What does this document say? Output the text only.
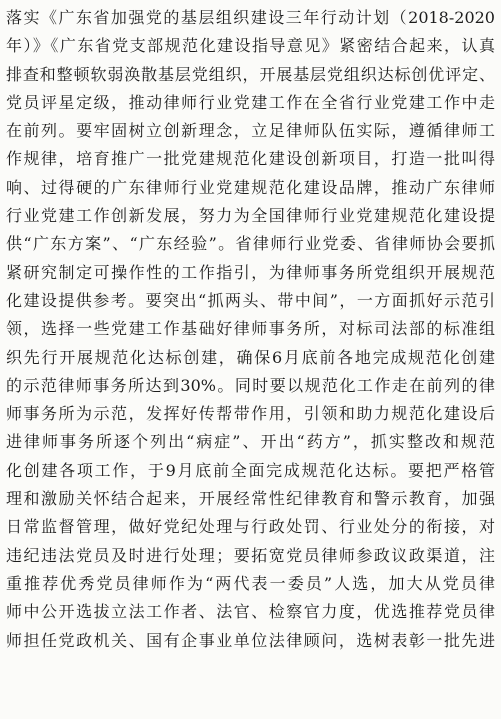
落实《广东省加强党的基层组织建设三年行动计划（2018-2020
年）》《广东省党支部规范化建设指导意见》紧密结合起来，认真
排查和整顿软弱涣散基层党组织，开展基层党组织达标创优评定、
党员评星定级，推动律师行业党建工作在全省行业党建工作中走
在前列。要牢固树立创新理念，立足律师队伍实际，遵循律师工
作规律，培育推广一批党建规范化建设创新项目，打造一批叫得
响、过得硬的广东律师行业党建规范化建设品牌，推动广东律师
行业党建工作创新发展，努力为全国律师行业党建规范化建设提
供“广东方案”、“广东经验”。省律师行业党委、省律师协会要抓
紧研究制定可操作性的工作指引，为律师事务所党组织开展规范
化建设提供参考。要突出“抓两头、带中间”，一方面抓好示范引
领，选择一些党建工作基础好律师事务所，对标司法部的标准组
织先行开展规范化达标创建，确保6月底前各地完成规范化创建
的示范律师事务所达到30%。同时要以规范化工作走在前列的律
师事务所为示范，发挥好传帮带作用，引领和助力规范化建设后
进律师事务所逐个列出“病症”、开出“药方”，抓实整改和规范
化创建各项工作，于9月底前全面完成规范化达标。要把严格管
理和激励关怀结合起来，开展经常性纪律教育和警示教育，加强
日常监督管理，做好党纪处理与行政处罚、行业处分的衔接，对
违纪违法党员及时进行处理；要拓宽党员律师参政议政渠道，注
重推荐优秀党员律师作为“两代表一委员”人选，加大从党员律
师中公开选拔立法工作者、法官、检察官力度，优选推荐党员律
师担任党政机关、国有企事业单位法律顾问，选树表彰一批先进
